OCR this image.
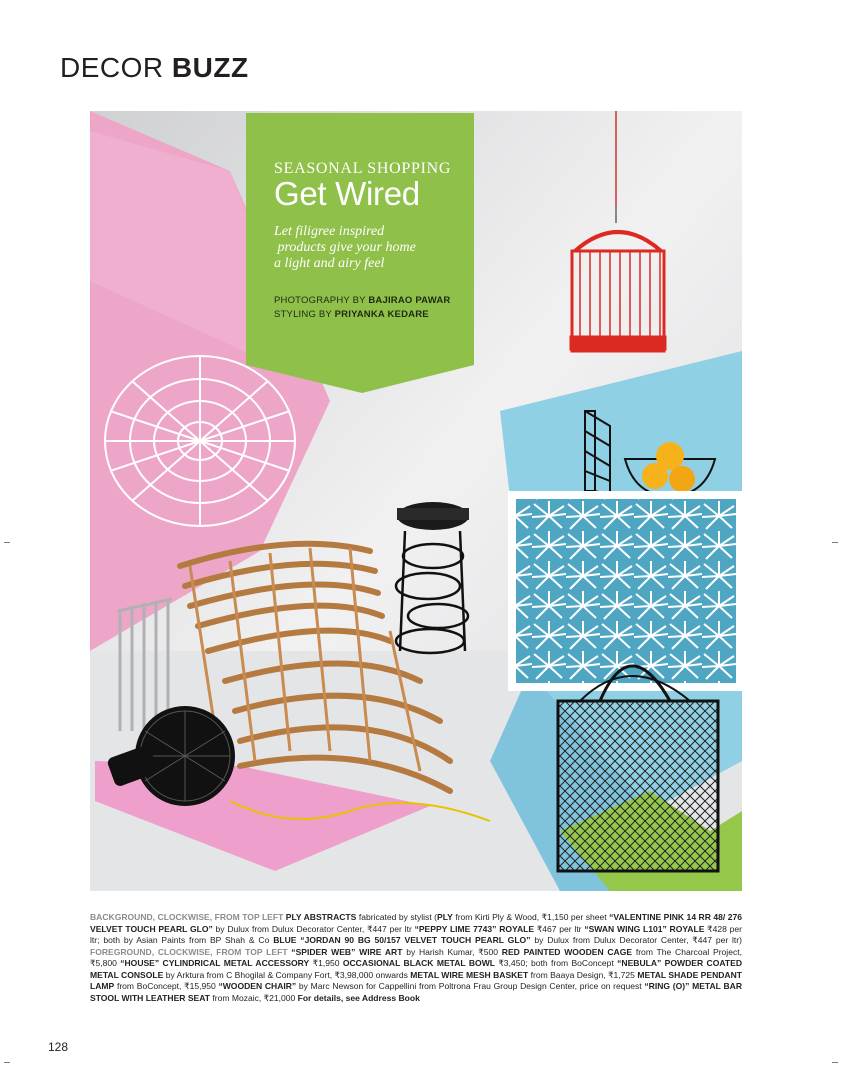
DECOR BUZZ
SEASONAL SHOPPING
Get Wired
Let filigree inspired
products give your home
a light and airy feel
PHOTOGRAPHY BY BAJIRAO PAWAR
STYLING BY PRIYANKA KEDARE
BACKGROUND, CLOCKWISE, FROM TOP LEFT PLY ABSTRACTS fabricated by stylist (PLY from Kirti Ply & Wood, ₹1,150 per sheet “VALENTINE PINK 14 RR 48/ 276 VELVET TOUCH PEARL GLO” by Dulux from Dulux Decorator Center, ₹447 per ltr “PEPPY LIME 7743” ROYALE ₹467 per ltr “SWAN WING L101” ROYALE ₹428 per ltr; both by Asian Paints from BP Shah & Co BLUE “JORDAN 90 BG 50/157 VELVET TOUCH PEARL GLO” by Dulux from Dulux Decorator Center, ₹447 per ltr) FOREGROUND, CLOCKWISE, FROM TOP LEFT “SPIDER WEB” WIRE ART by Harish Kumar, ₹500 RED PAINTED WOODEN CAGE from The Charcoal Project, ₹5,800 “HOUSE” CYLINDRICAL METAL ACCESSORY ₹1,950 OCCASIONAL BLACK METAL BOWL ₹3,450; both from BoConcept “NEBULA” POWDER COATED METAL CONSOLE by Arktura from C Bhogilal & Company Fort, ₹3,98,000 onwards METAL WIRE MESH BASKET from Baaya Design, ₹1,725 METAL SHADE PENDANT LAMP from BoConcept, ₹15,950 “WOODEN CHAIR” by Marc Newson for Cappellini from Poltrona Frau Group Design Center, price on request “RING (O)” METAL BAR STOOL WITH LEATHER SEAT from Mozaic, ₹21,000 For details, see Address Book
128
